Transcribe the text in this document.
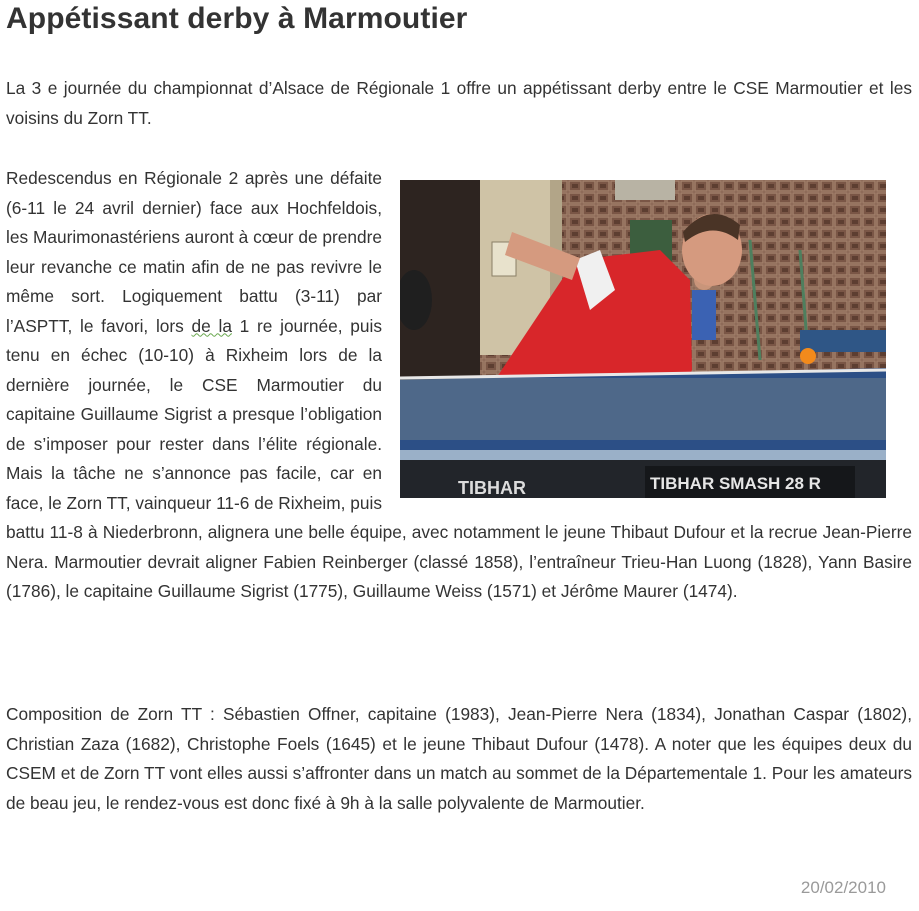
Appétissant derby à Marmoutier

La 3 e journée du championnat d’Alsace de Régionale 1 offre un appétissant derby entre le CSE Marmoutier et les voisins du Zorn TT.

TIBHAR	TIBHAR SMASH 28 R
Redescendus en Régionale 2 après une défaite (6-11 le 24 avril dernier) face aux Hochfeldois, les Maurimonastériens auront à cœur de prendre leur revanche ce matin afin de ne pas revivre le même sort. Logiquement battu (3-11) par l’ASPTT, le favori, lors de la 1 re journée, puis tenu en échec (10-10) à Rixheim lors de la dernière journée, le CSE Marmoutier du capitaine Guillaume Sigrist a presque l’obligation de s’imposer pour rester dans l’élite régionale. Mais la tâche ne s’annonce pas facile, car en face, le Zorn TT, vainqueur 11-6 de Rixheim, puis battu 11-8 à Niederbronn, alignera une belle équipe, avec notamment le jeune Thibaut Dufour et la recrue Jean-Pierre Nera. Marmoutier devrait aligner Fabien Reinberger (classé 1858), l’entraîneur Trieu-Han Luong (1828), Yann Basire (1786), le capitaine Guillaume Sigrist (1775), Guillaume Weiss (1571) et Jérôme Maurer (1474).

Composition de Zorn TT : Sébastien Offner, capitaine (1983), Jean-Pierre Nera (1834), Jonathan Caspar (1802), Christian Zaza (1682), Christophe Foels (1645) et le jeune Thibaut Dufour (1478). A noter que les équipes deux du CSEM et de Zorn TT vont elles aussi s’affronter dans un match au sommet de la Départementale 1. Pour les amateurs de beau jeu, le rendez-vous est donc fixé à 9h à la salle polyvalente de Marmoutier.

20/02/2010
